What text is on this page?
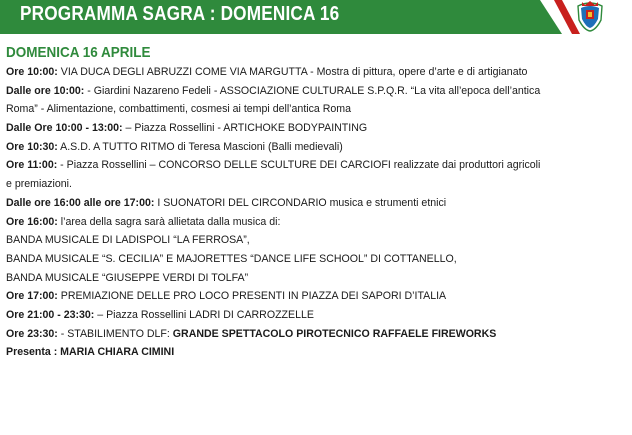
PROGRAMMA SAGRA : DOMENICA 16
DOMENICA 16 APRILE
Ore 10:00: VIA DUCA DEGLI ABRUZZI COME VIA MARGUTTA - Mostra di pittura, opere d’arte e di artigianato
Dalle ore 10:00: - Giardini Nazareno Fedeli - ASSOCIAZIONE CULTURALE S.P.Q.R. “La vita all’epoca dell’antica
Roma” - Alimentazione, combattimenti, cosmesi ai tempi dell’antica Roma
Dalle Ore 10:00 - 13:00: – Piazza Rossellini - ARTICHOKE BODYPAINTING
Ore 10:30: A.S.D. A TUTTO RITMO di Teresa Mascioni (Balli medievali)
Ore 11:00: - Piazza Rossellini – CONCORSO DELLE SCULTURE DEI CARCIOFI realizzate dai produttori agricoli
e premiazioni.
Dalle ore 16:00 alle ore 17:00: I SUONATORI DEL CIRCONDARIO musica e strumenti etnici
Ore 16:00: l’area della sagra sarà allietata dalla musica di:
BANDA MUSICALE DI LADISPOLI “LA FERROSA”,
BANDA MUSICALE “S. CECILIA” E MAJORETTES “DANCE LIFE SCHOOL” DI COTTANELLO,
BANDA MUSICALE “GIUSEPPE VERDI DI TOLFA”
Ore 17:00: PREMIAZIONE DELLE PRO LOCO PRESENTI IN PIAZZA DEI SAPORI D’ITALIA
Ore 21:00 - 23:30: – Piazza Rossellini LADRI DI CARROZZELLE
Ore 23:30: - STABILIMENTO DLF: GRANDE SPETTACOLO PIROTECNICO RAFFAELE FIREWORKS
Presenta : MARIA CHIARA CIMINI
